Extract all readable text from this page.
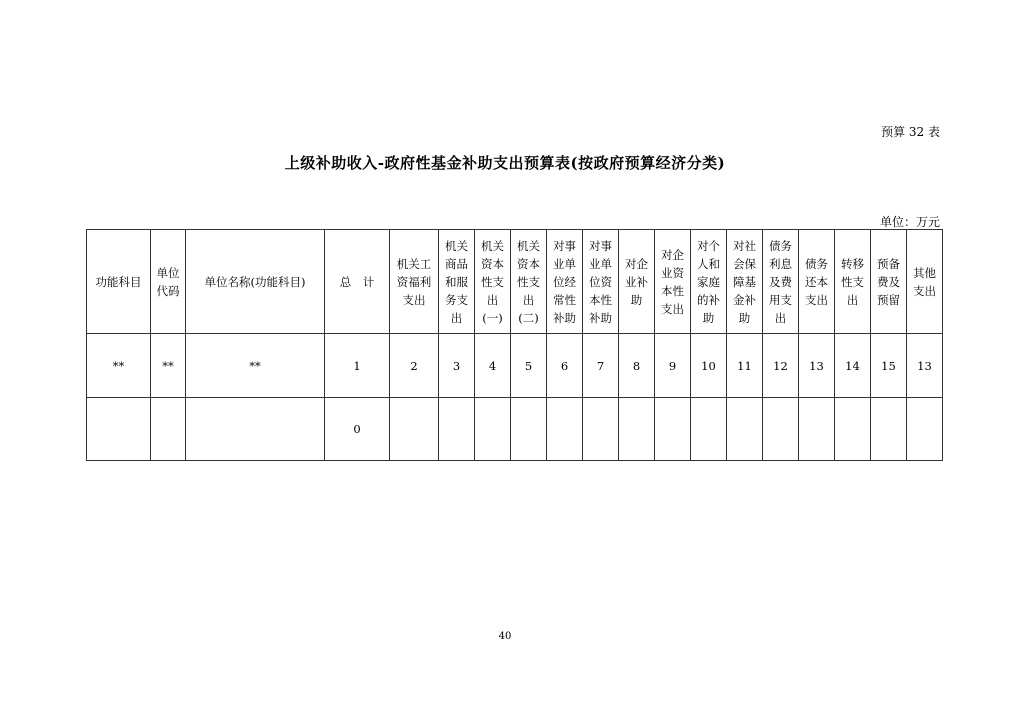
预算 32 表
上级补助收入-政府性基金补助支出预算表(按政府预算经济分类)
单位：万元
功能科目	单位代码	单位名称(功能科目)	总　计	机关工资福利支出	机关商品和服务支出	机关资本性支出(一)	机关资本性支出(二)	对事业单位经常性补助	对事业单位资本性补助	对企业补助	对企业资本性支出	对个人和家庭的补助	对社会保障基金补助	债务利息及费用支出	债务还本支出	转移性支出	预备费及预留	其他支出
**	**	**	1	2	3	4	5	6	7	8	9	10	11	12	13	14	15	13
			0															
40
